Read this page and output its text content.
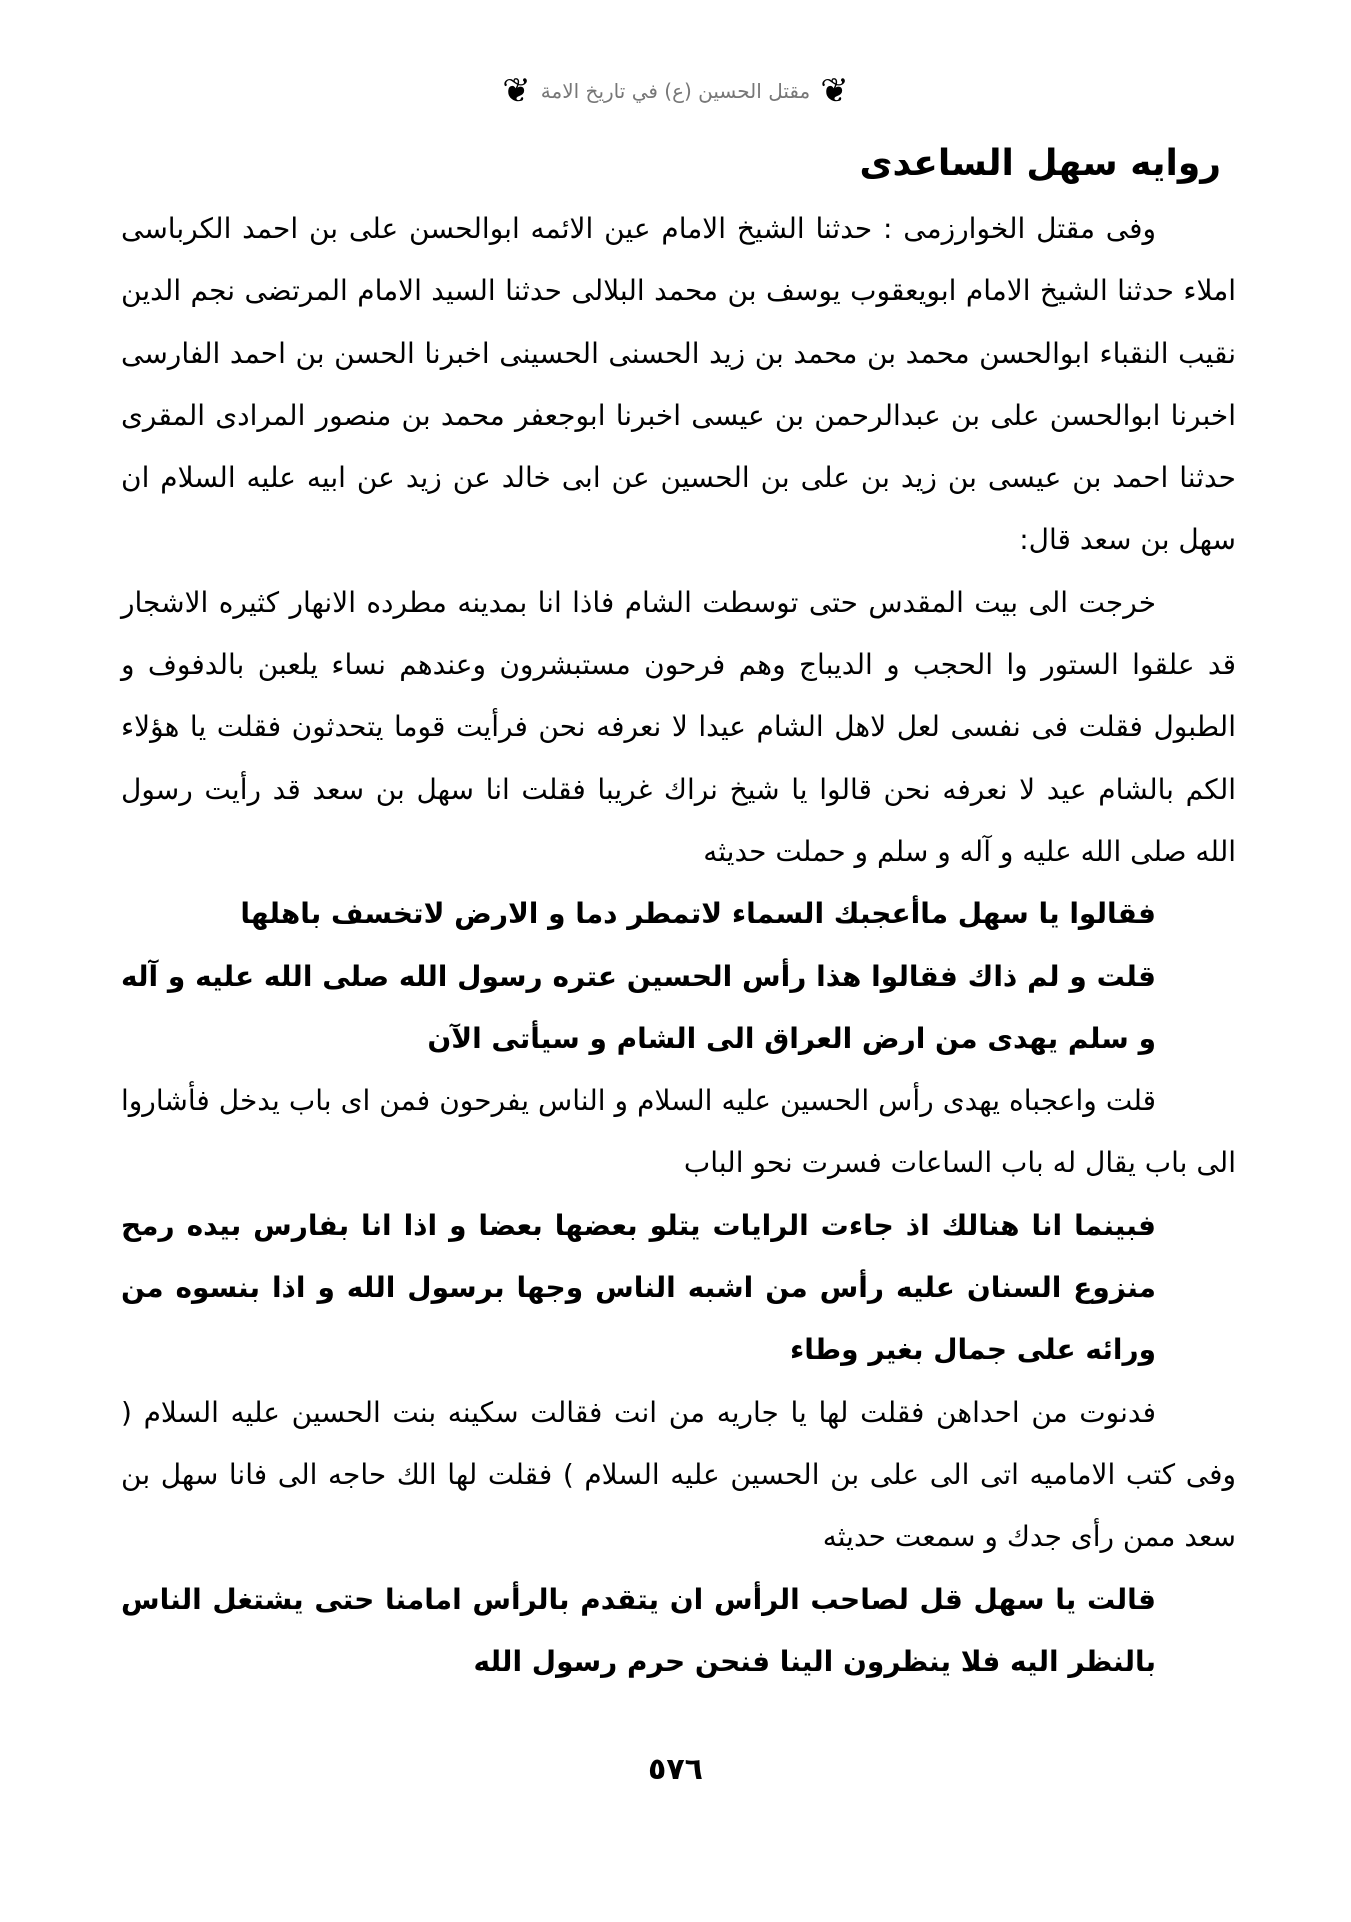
❦
مقتل الحسين (ع) في تاريخ الامة
❦
روايه سهل الساعدى

وفى مقتل الخوارزمى : حدثنا الشيخ الامام عين الائمه ابوالحسن على بن احمد الكرباسى املاء حدثنا الشيخ الامام ابويعقوب يوسف بن محمد البلالى حدثنا السيد الامام المرتضى نجم الدين نقيب النقباء ابوالحسن محمد بن محمد بن زيد الحسنى الحسينى اخبرنا الحسن بن احمد الفارسى اخبرنا ابوالحسن على بن عبدالرحمن بن عيسى اخبرنا ابوجعفر محمد بن منصور المرادى المقرى حدثنا احمد بن عيسى بن زيد بن على بن الحسين عن ابى خالد عن زيد عن ابيه عليه السلام ان سهل بن سعد قال:

خرجت الى بيت المقدس حتى توسطت الشام فاذا انا بمدينه مطرده الانهار كثيره الاشجار قد علقوا الستور وا الحجب و الديباج وهم فرحون مستبشرون وعندهم نساء يلعبن بالدفوف و الطبول فقلت فى نفسى لعل لاهل الشام عيدا لا نعرفه نحن فرأيت قوما يتحدثون فقلت يا هؤلاء الكم بالشام عيد لا نعرفه نحن قالوا يا شيخ نراك غريبا فقلت انا سهل بن سعد قد رأيت رسول الله صلى الله عليه و آله و سلم و حملت حديثه

فقالوا يا سهل ماأعجبك السماء لاتمطر دما و الارض لاتخسف باهلها

قلت و لم ذاك فقالوا هذا رأس الحسين عتره رسول الله صلى الله عليه و آله و سلم يهدى من ارض العراق الى الشام و سيأتى الآن

قلت واعجباه يهدى رأس الحسين عليه السلام و الناس يفرحون فمن اى باب يدخل فأشاروا الى باب يقال له باب الساعات فسرت نحو الباب

فبينما انا هنالك اذ جاءت الرايات يتلو بعضها بعضا و اذا انا بفارس بيده رمح منزوع السنان عليه رأس من اشبه الناس وجها برسول الله و اذا بنسوه من ورائه على جمال بغير وطاء

فدنوت من احداهن فقلت لها يا جاريه من انت فقالت سكينه بنت الحسين عليه السلام ( وفى كتب الاماميه اتى الى على بن الحسين عليه السلام ) فقلت لها الك حاجه الى فانا سهل بن سعد ممن رأى جدك و سمعت حديثه

قالت يا سهل قل لصاحب الرأس ان يتقدم بالرأس امامنا حتى يشتغل الناس بالنظر اليه فلا ينظرون الينا فنحن حرم رسول الله

٥٧٦
